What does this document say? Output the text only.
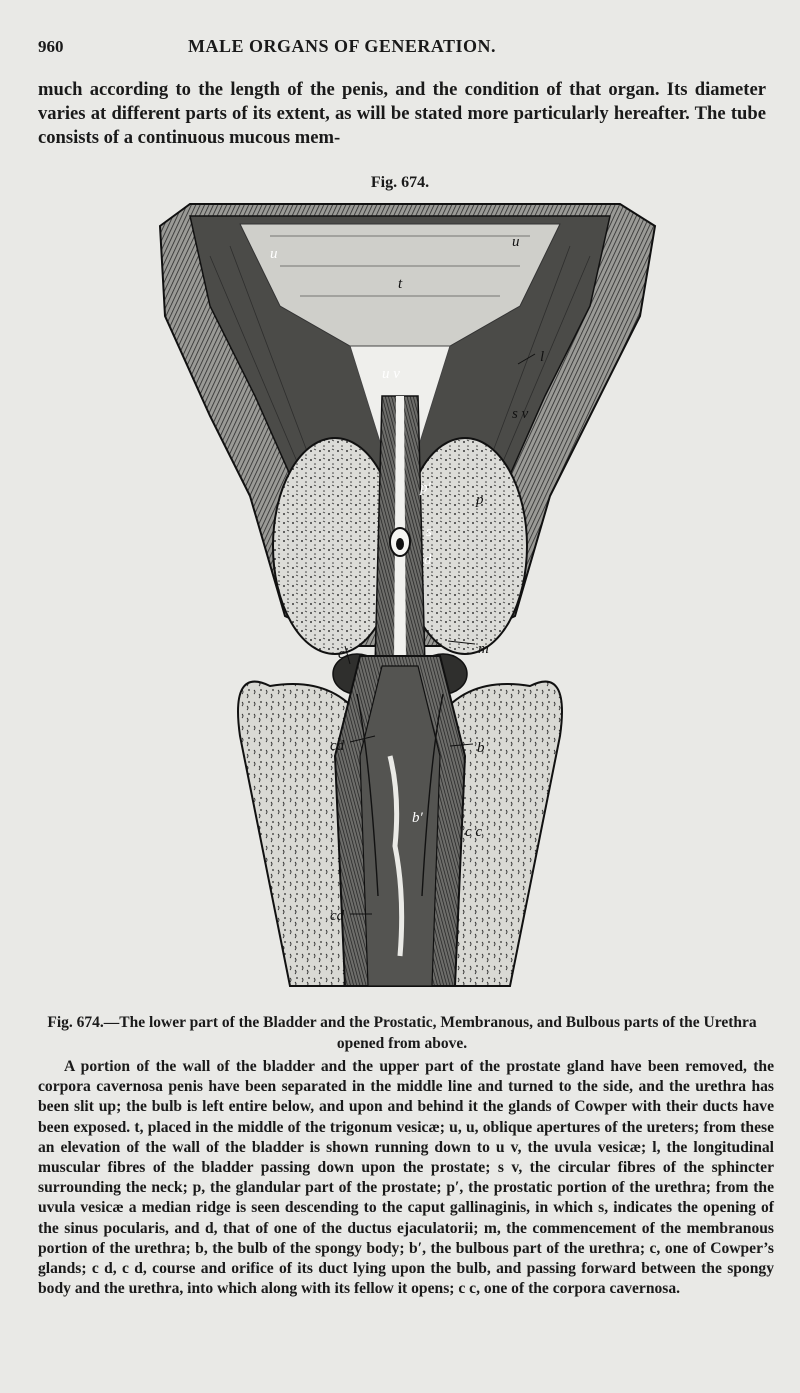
960	MALE ORGANS OF GENERATION.
much according to the length of the penis, and the condition of that organ. Its diameter varies at different parts of its extent, as will be stated more particularly hereafter. The tube consists of a continuous mucous mem-
Fig. 674.
u
u
t
u v
l
s v
p′
p
s
d
c	m
cd	b
b′
c c
cd
Fig. 674.—The lower part of the Bladder and the Prostatic, Membranous, and Bulbous parts of the Urethra opened from above.
A portion of the wall of the bladder and the upper part of the prostate gland have been removed, the corpora cavernosa penis have been separated in the middle line and turned to the side, and the urethra has been slit up; the bulb is left entire below, and upon and behind it the glands of Cowper with their ducts have been exposed. t, placed in the middle of the trigonum vesicæ; u, u, oblique apertures of the ureters; from these an elevation of the wall of the bladder is shown running down to u v, the uvula vesicæ; l, the longitudinal muscular fibres of the bladder passing down upon the prostate; s v, the circular fibres of the sphincter surrounding the neck; p, the glandular part of the prostate; p′, the prostatic portion of the urethra; from the uvula vesicæ a median ridge is seen descending to the caput gallinaginis, in which s, indicates the opening of the sinus pocularis, and d, that of one of the ductus ejaculatorii; m, the commencement of the membranous portion of the urethra; b, the bulb of the spongy body; b′, the bulbous part of the urethra; c, one of Cowper’s glands; c d, c d, course and orifice of its duct lying upon the bulb, and passing forward between the spongy body and the urethra, into which along with its fellow it opens; c c, one of the corpora cavernosa.
